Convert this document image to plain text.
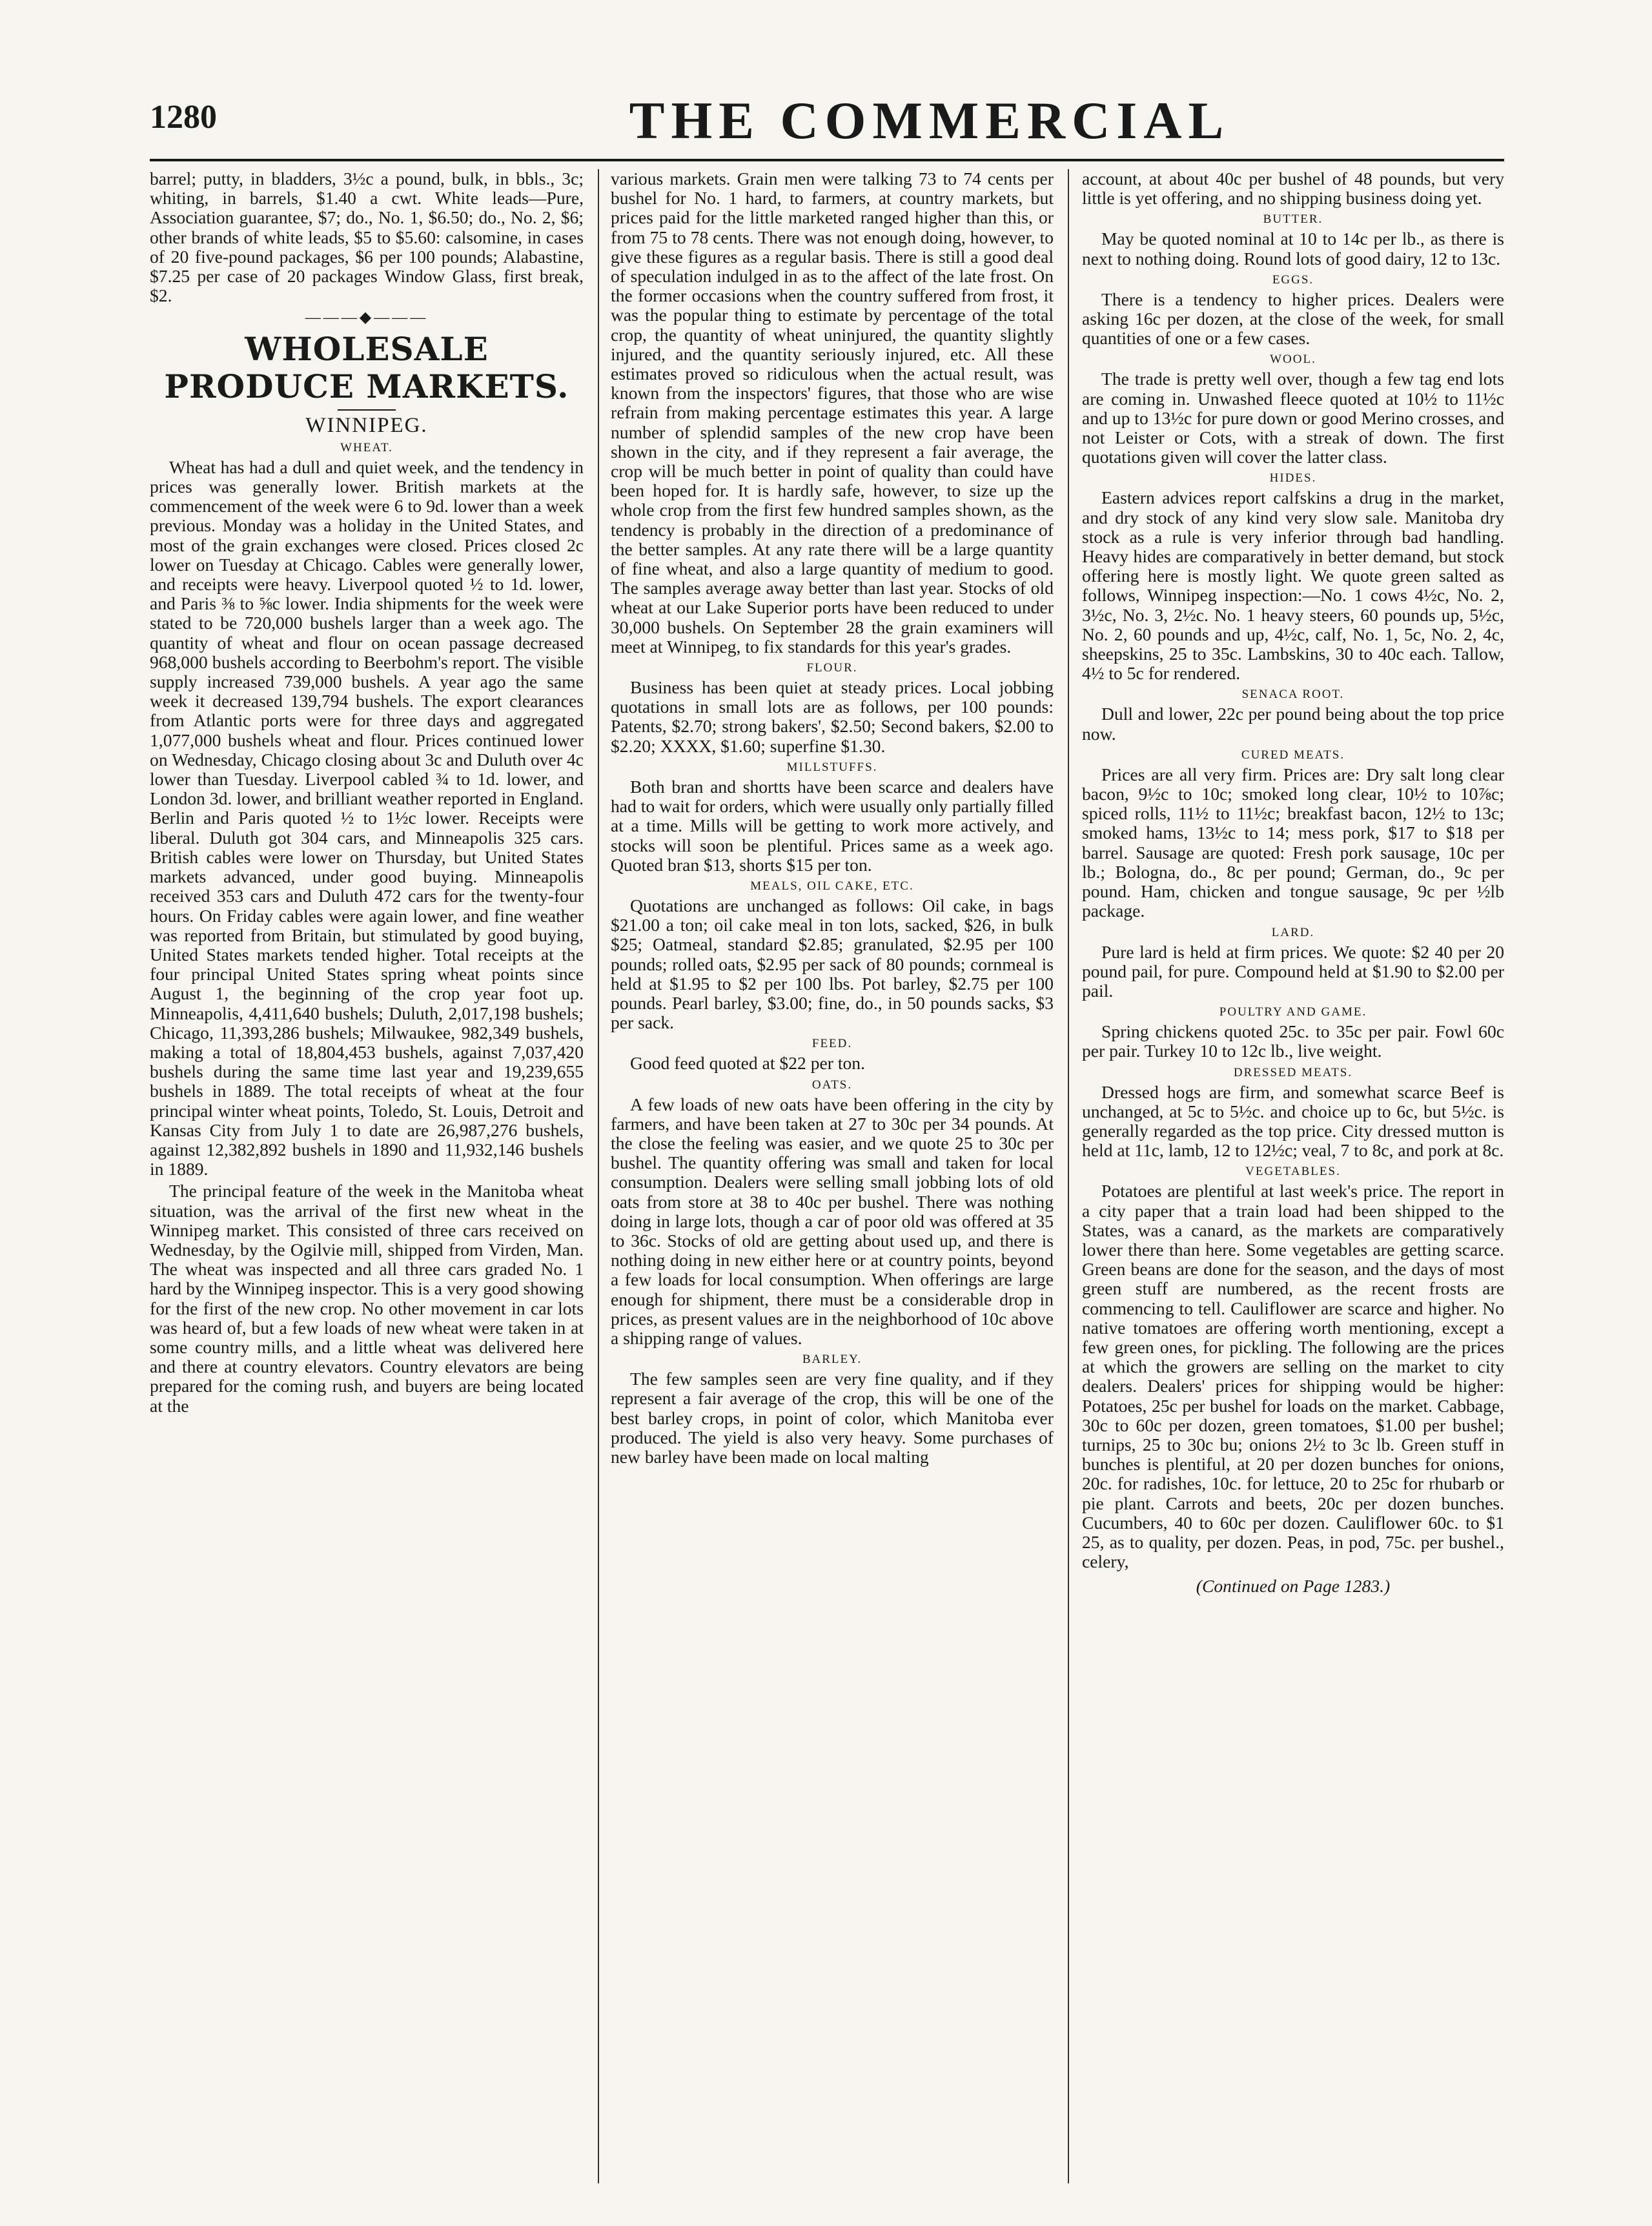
1280	THE COMMERCIAL

barrel; putty, in bladders, 3½c a pound, bulk, in bbls., 3c; whiting, in barrels, $1.40 a cwt. White leads—Pure, Association guarantee, $7; do., No. 1, $6.50; do., No. 2, $6; other brands of white leads, $5 to $5.60: calsomine, in cases of 20 five-pound packages, $6 per 100 pounds; Alabastine, $7.25 per case of 20 packages Window Glass, first break, $2.

———◆———
WHOLESALE PRODUCE MARKETS.
WINNIPEG.
WHEAT.

Wheat has had a dull and quiet week, and the tendency in prices was generally lower. British markets at the commencement of the week were 6 to 9d. lower than a week previous. Monday was a holiday in the United States, and most of the grain exchanges were closed. Prices closed 2c lower on Tuesday at Chicago. Cables were generally lower, and receipts were heavy. Liverpool quoted ½ to 1d. lower, and Paris ⅜ to ⅝c lower. India shipments for the week were stated to be 720,000 bushels larger than a week ago. The quantity of wheat and flour on ocean passage decreased 968,000 bushels according to Beerbohm's report. The visible supply increased 739,000 bushels. A year ago the same week it decreased 139,794 bushels. The export clearances from Atlantic ports were for three days and aggregated 1,077,000 bushels wheat and flour. Prices continued lower on Wednesday, Chicago closing about 3c and Duluth over 4c lower than Tuesday. Liverpool cabled ¾ to 1d. lower, and London 3d. lower, and brilliant weather reported in England. Berlin and Paris quoted ½ to 1½c lower. Receipts were liberal. Duluth got 304 cars, and Minneapolis 325 cars. British cables were lower on Thursday, but United States markets advanced, under good buying. Minneapolis received 353 cars and Duluth 472 cars for the twenty-four hours. On Friday cables were again lower, and fine weather was reported from Britain, but stimulated by good buying, United States markets tended higher. Total receipts at the four principal United States spring wheat points since August 1, the beginning of the crop year foot up. Minneapolis, 4,411,640 bushels; Duluth, 2,017,198 bushels; Chicago, 11,393,286 bushels; Milwaukee, 982,349 bushels, making a total of 18,804,453 bushels, against 7,037,420 bushels during the same time last year and 19,239,655 bushels in 1889. The total receipts of wheat at the four principal winter wheat points, Toledo, St. Louis, Detroit and Kansas City from July 1 to date are 26,987,276 bushels, against 12,382,892 bushels in 1890 and 11,932,146 bushels in 1889.

The principal feature of the week in the Manitoba wheat situation, was the arrival of the first new wheat in the Winnipeg market. This consisted of three cars received on Wednesday, by the Ogilvie mill, shipped from Virden, Man. The wheat was inspected and all three cars graded No. 1 hard by the Winnipeg inspector. This is a very good showing for the first of the new crop. No other movement in car lots was heard of, but a few loads of new wheat were taken in at some country mills, and a little wheat was delivered here and there at country elevators. Country elevators are being prepared for the coming rush, and buyers are being located at the

various markets. Grain men were talking 73 to 74 cents per bushel for No. 1 hard, to farmers, at country markets, but prices paid for the little marketed ranged higher than this, or from 75 to 78 cents. There was not enough doing, however, to give these figures as a regular basis. There is still a good deal of speculation indulged in as to the affect of the late frost. On the former occasions when the country suffered from frost, it was the popular thing to estimate by percentage of the total crop, the quantity of wheat uninjured, the quantity slightly injured, and the quantity seriously injured, etc. All these estimates proved so ridiculous when the actual result, was known from the inspectors' figures, that those who are wise refrain from making percentage estimates this year. A large number of splendid samples of the new crop have been shown in the city, and if they represent a fair average, the crop will be much better in point of quality than could have been hoped for. It is hardly safe, however, to size up the whole crop from the first few hundred samples shown, as the tendency is probably in the direction of a predominance of the better samples. At any rate there will be a large quantity of fine wheat, and also a large quantity of medium to good. The samples average away better than last year. Stocks of old wheat at our Lake Superior ports have been reduced to under 30,000 bushels. On September 28 the grain examiners will meet at Winnipeg, to fix standards for this year's grades.

FLOUR.

Business has been quiet at steady prices. Local jobbing quotations in small lots are as follows, per 100 pounds: Patents, $2.70; strong bakers', $2.50; Second bakers, $2.00 to $2.20; XXXX, $1.60; superfine $1.30.

MILLSTUFFS.

Both bran and shortts have been scarce and dealers have had to wait for orders, which were usually only partially filled at a time. Mills will be getting to work more actively, and stocks will soon be plentiful. Prices same as a week ago. Quoted bran $13, shorts $15 per ton.

MEALS, OIL CAKE, ETC.

Quotations are unchanged as follows: Oil cake, in bags $21.00 a ton; oil cake meal in ton lots, sacked, $26, in bulk $25; Oatmeal, standard $2.85; granulated, $2.95 per 100 pounds; rolled oats, $2.95 per sack of 80 pounds; cornmeal is held at $1.95 to $2 per 100 lbs. Pot barley, $2.75 per 100 pounds. Pearl barley, $3.00; fine, do., in 50 pounds sacks, $3 per sack.

FEED.

Good feed quoted at $22 per ton.

OATS.

A few loads of new oats have been offering in the city by farmers, and have been taken at 27 to 30c per 34 pounds. At the close the feeling was easier, and we quote 25 to 30c per bushel. The quantity offering was small and taken for local consumption. Dealers were selling small jobbing lots of old oats from store at 38 to 40c per bushel. There was nothing doing in large lots, though a car of poor old was offered at 35 to 36c. Stocks of old are getting about used up, and there is nothing doing in new either here or at country points, beyond a few loads for local consumption. When offerings are large enough for shipment, there must be a considerable drop in prices, as present values are in the neighborhood of 10c above a shipping range of values.

BARLEY.

The few samples seen are very fine quality, and if they represent a fair average of the crop, this will be one of the best barley crops, in point of color, which Manitoba ever produced. The yield is also very heavy. Some purchases of new barley have been made on local malting

account, at about 40c per bushel of 48 pounds, but very little is yet offering, and no shipping business doing yet.

BUTTER.

May be quoted nominal at 10 to 14c per lb., as there is next to nothing doing. Round lots of good dairy, 12 to 13c.

EGGS.

There is a tendency to higher prices. Dealers were asking 16c per dozen, at the close of the week, for small quantities of one or a few cases.

WOOL.

The trade is pretty well over, though a few tag end lots are coming in. Unwashed fleece quoted at 10½ to 11½c and up to 13½c for pure down or good Merino crosses, and not Leister or Cots, with a streak of down. The first quotations given will cover the latter class.

HIDES.

Eastern advices report calfskins a drug in the market, and dry stock of any kind very slow sale. Manitoba dry stock as a rule is very inferior through bad handling. Heavy hides are comparatively in better demand, but stock offering here is mostly light. We quote green salted as follows, Winnipeg inspection:—No. 1 cows 4½c, No. 2, 3½c, No. 3, 2½c. No. 1 heavy steers, 60 pounds up, 5½c, No. 2, 60 pounds and up, 4½c, calf, No. 1, 5c, No. 2, 4c, sheepskins, 25 to 35c. Lambskins, 30 to 40c each. Tallow, 4½ to 5c for rendered.

SENACA ROOT.

Dull and lower, 22c per pound being about the top price now.

CURED MEATS.

Prices are all very firm. Prices are: Dry salt long clear bacon, 9½c to 10c; smoked long clear, 10½ to 10⅞c; spiced rolls, 11½ to 11½c; breakfast bacon, 12½ to 13c; smoked hams, 13½c to 14; mess pork, $17 to $18 per barrel. Sausage are quoted: Fresh pork sausage, 10c per lb.; Bologna, do., 8c per pound; German, do., 9c per pound. Ham, chicken and tongue sausage, 9c per ½lb package.

LARD.

Pure lard is held at firm prices. We quote: $2 40 per 20 pound pail, for pure. Compound held at $1.90 to $2.00 per pail.

POULTRY AND GAME.

Spring chickens quoted 25c. to 35c per pair. Fowl 60c per pair. Turkey 10 to 12c lb., live weight.

DRESSED MEATS.

Dressed hogs are firm, and somewhat scarce Beef is unchanged, at 5c to 5½c. and choice up to 6c, but 5½c. is generally regarded as the top price. City dressed mutton is held at 11c, lamb, 12 to 12½c; veal, 7 to 8c, and pork at 8c.

VEGETABLES.

Potatoes are plentiful at last week's price. The report in a city paper that a train load had been shipped to the States, was a canard, as the markets are comparatively lower there than here. Some vegetables are getting scarce. Green beans are done for the season, and the days of most green stuff are numbered, as the recent frosts are commencing to tell. Cauliflower are scarce and higher. No native tomatoes are offering worth mentioning, except a few green ones, for pickling. The following are the prices at which the growers are selling on the market to city dealers. Dealers' prices for shipping would be higher: Potatoes, 25c per bushel for loads on the market. Cabbage, 30c to 60c per dozen, green tomatoes, $1.00 per bushel; turnips, 25 to 30c bu; onions 2½ to 3c lb. Green stuff in bunches is plentiful, at 20 per dozen bunches for onions, 20c. for radishes, 10c. for lettuce, 20 to 25c for rhubarb or pie plant. Carrots and beets, 20c per dozen bunches. Cucumbers, 40 to 60c per dozen. Cauliflower 60c. to $1 25, as to quality, per dozen. Peas, in pod, 75c. per bushel., celery,

(Continued on Page 1283.)
